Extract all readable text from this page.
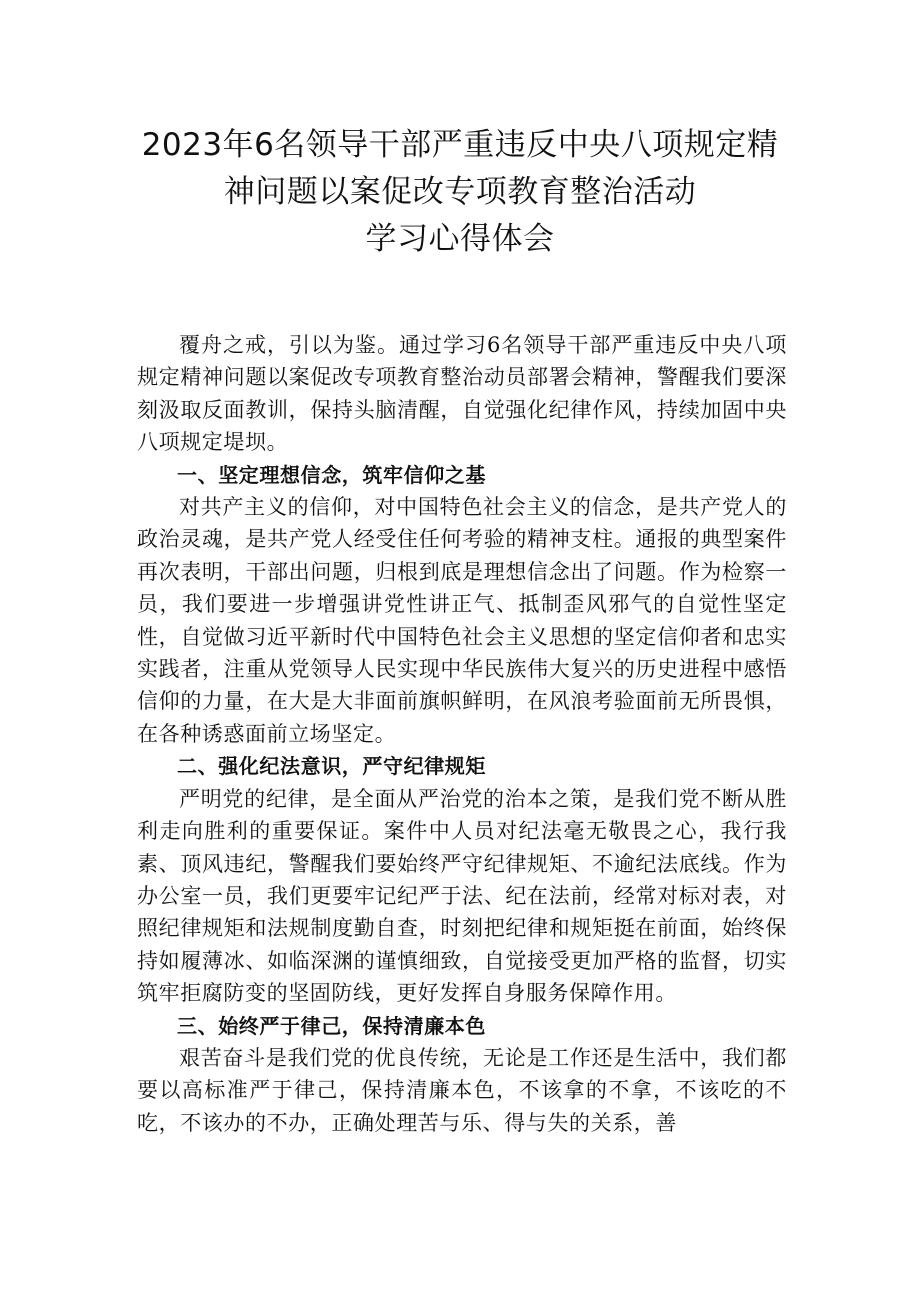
2023年6名领导干部严重违反中央八项规定精
神问题以案促改专项教育整治活动
学习心得体会

覆舟之戒，引以为鉴。通过学习6名领导干部严重违反中央八项规定精神问题以案促改专项教育整治动员部署会精神，警醒我们要深刻汲取反面教训，保持头脑清醒，自觉强化纪律作风，持续加固中央八项规定堤坝。

一、坚定理想信念，筑牢信仰之基

对共产主义的信仰，对中国特色社会主义的信念，是共产党人的政治灵魂，是共产党人经受住任何考验的精神支柱。通报的典型案件再次表明，干部出问题，归根到底是理想信念出了问题。作为检察一员，我们要进一步增强讲党性讲正气、抵制歪风邪气的自觉性坚定性，自觉做习近平新时代中国特色社会主义思想的坚定信仰者和忠实实践者，注重从党领导人民实现中华民族伟大复兴的历史进程中感悟信仰的力量，在大是大非面前旗帜鲜明，在风浪考验面前无所畏惧，在各种诱惑面前立场坚定。

二、强化纪法意识，严守纪律规矩

严明党的纪律，是全面从严治党的治本之策，是我们党不断从胜利走向胜利的重要保证。案件中人员对纪法毫无敬畏之心，我行我素、顶风违纪，警醒我们要始终严守纪律规矩、不逾纪法底线。作为办公室一员，我们更要牢记纪严于法、纪在法前，经常对标对表，对照纪律规矩和法规制度勤自查，时刻把纪律和规矩挺在前面，始终保持如履薄冰、如临深渊的谨慎细致，自觉接受更加严格的监督，切实筑牢拒腐防变的坚固防线，更好发挥自身服务保障作用。

三、始终严于律己，保持清廉本色

艰苦奋斗是我们党的优良传统，无论是工作还是生活中，我们都要以高标准严于律己，保持清廉本色，不该拿的不拿，不该吃的不吃，不该办的不办，正确处理苦与乐、得与失的关系，善
